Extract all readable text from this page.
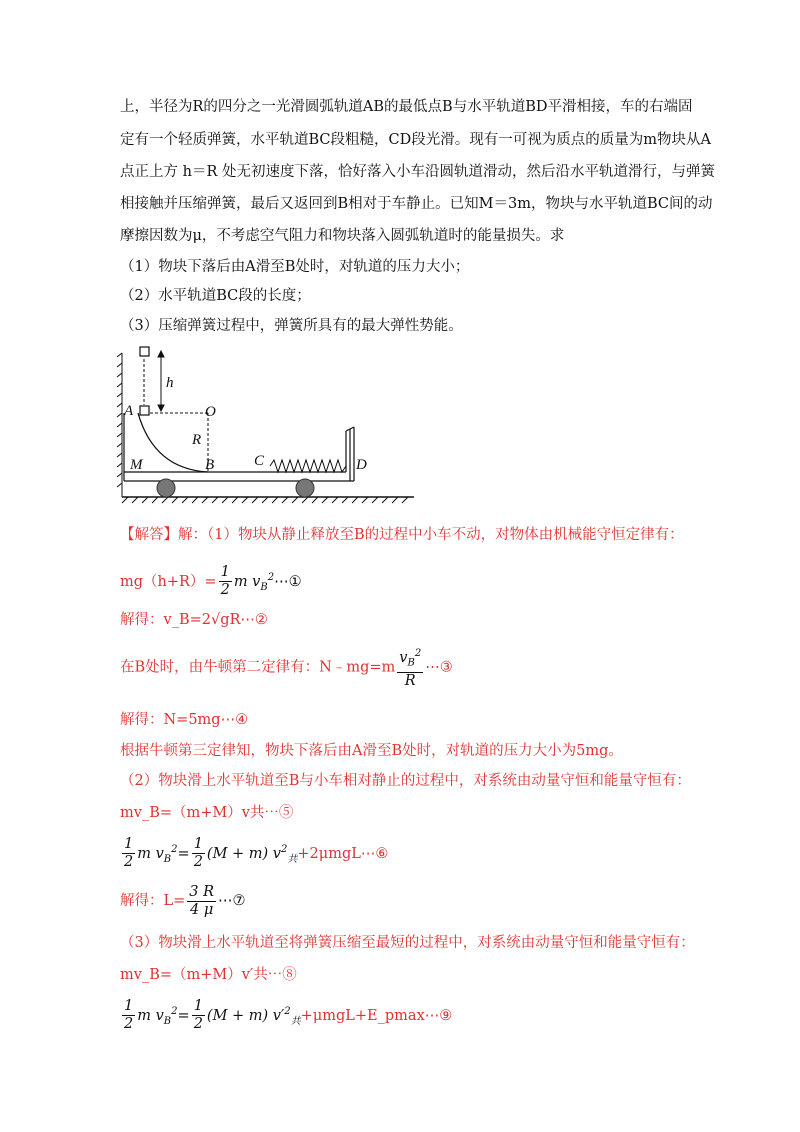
上，半径为R的四分之一光滑圆弧轨道AB的最低点B与水平轨道BD平滑相接，车的右端固
定有一个轻质弹簧，水平轨道BC段粗糙，CD段光滑。现有一可视为质点的质量为m物块从A
点正上方 h＝R 处无初速度下落，恰好落入小车沿圆轨道滑动，然后沿水平轨道滑行，与弹簧
相接触并压缩弹簧，最后又返回到B相对于车静止。已知M＝3m，物块与水平轨道BC间的动
摩擦因数为μ，不考虑空气阻力和物块落入圆弧轨道时的能量损失。求
（1）物块下落后由A滑至B处时，对轨道的压力大小；
（2）水平轨道BC段的长度；
（3）压缩弹簧过程中，弹簧所具有的最大弹性势能。
h
A	O
R
M	B	C	D
【解答】解：（1）物块从静止释放至B的过程中小车不动，对物体由机械能守恒定律有：
$mg(h+R)= \frac{1}{2}$ m $v_B^2\cdots ①$
解得：v_B=2√gR⋯②
在B处时，由牛顿第二定律有：N﹣mg=m $\frac{v_B^2}{R}$ ⋯③
解得：N=5mg⋯④
根据牛顿第三定律知，物块下落后由A滑至B处时，对轨道的压力大小为5mg。
（2）物块滑上水平轨道至B与小车相对静止的过程中，对系统由动量守恒和能量守恒有：
mv_B=（m+M）v共⋯⑤
$\frac{1}{2}$ m $v_B^2= \frac{1}{2} (M + m)$ $v^2_共+2\mu mgL\cdots ⑥$
解得：$L= \frac{3 R}{4 \mu}$ ⋯⑦
（3）物块滑上水平轨道至将弹簧压缩至最短的过程中，对系统由动量守恒和能量守恒有：
mv_B=（m+M）v′共⋯⑧
$\frac{1}{2}$ m $v_B^2= \frac{1}{2} (M + m)$ $v'^2_共+\mu mgL+E\_pmax\cdots ⑨$
